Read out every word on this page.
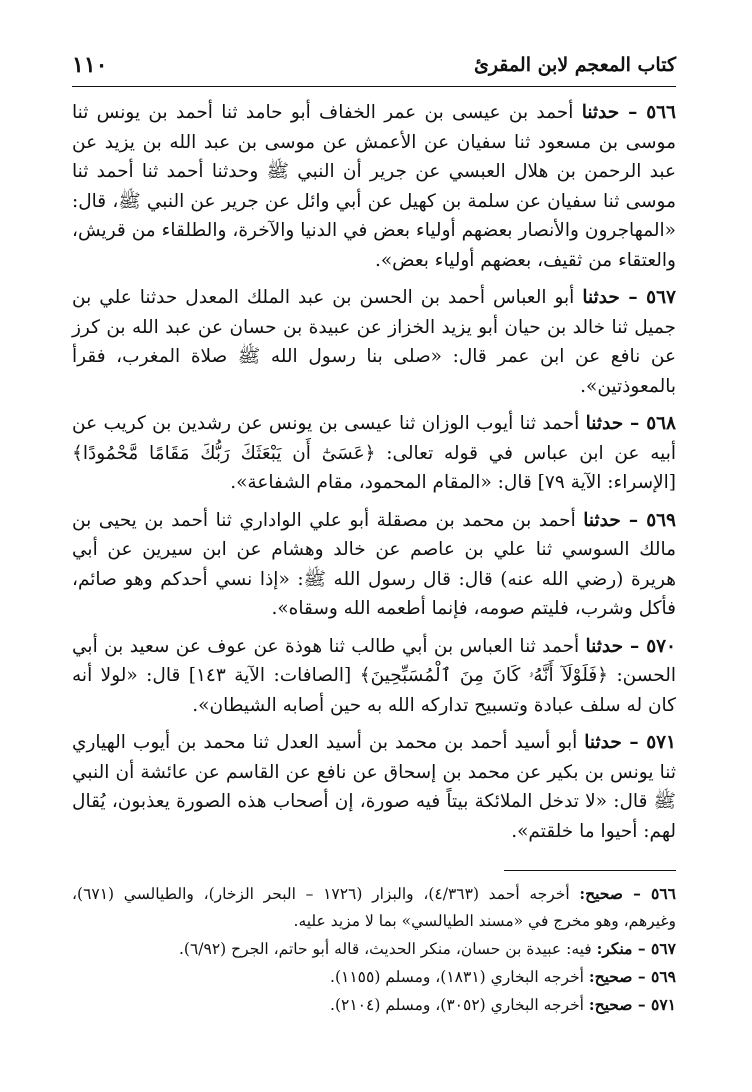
كتاب المعجم لابن المقرئ
١١٠

٥٦٦ – حدثنا أحمد بن عيسى بن عمر الخفاف أبو حامد ثنا أحمد بن يونس ثنا موسى بن مسعود ثنا سفيان عن الأعمش عن موسى بن عبد الله بن يزيد عن عبد الرحمن بن هلال العبسي عن جرير أن النبي ﷺ وحدثنا أحمد ثنا أحمد ثنا موسى ثنا سفيان عن سلمة بن كهيل عن أبي وائل عن جرير عن النبي ﷺ، قال: «المهاجرون والأنصار بعضهم أولياء بعض في الدنيا والآخرة، والطلقاء من قريش، والعتقاء من ثقيف، بعضهم أولياء بعض».

٥٦٧ – حدثنا أبو العباس أحمد بن الحسن بن عبد الملك المعدل حدثنا علي بن جميل ثنا خالد بن حيان أبو يزيد الخزاز عن عبيدة بن حسان عن عبد الله بن كرز عن نافع عن ابن عمر قال: «صلى بنا رسول الله ﷺ صلاة المغرب، فقرأ بالمعوذتين».

٥٦٨ – حدثنا أحمد ثنا أيوب الوزان ثنا عيسى بن يونس عن رشدين بن كريب عن أبيه عن ابن عباس في قوله تعالى: ﴿عَسَىٰٓ أَن يَبْعَثَكَ رَبُّكَ مَقَامًا مَّحْمُودًا﴾ [الإسراء: الآية ٧٩] قال: «المقام المحمود، مقام الشفاعة».

٥٦٩ – حدثنا أحمد بن محمد بن مصقلة أبو علي الواداري ثنا أحمد بن يحيى بن مالك السوسي ثنا علي بن عاصم عن خالد وهشام عن ابن سيرين عن أبي هريرة (رضي الله عنه) قال: قال رسول الله ﷺ: «إذا نسي أحدكم وهو صائم، فأكل وشرب، فليتم صومه، فإنما أطعمه الله وسقاه».

٥٧٠ – حدثنا أحمد ثنا العباس بن أبي طالب ثنا هوذة عن عوف عن سعيد بن أبي الحسن: ﴿فَلَوْلَآ أَنَّهُۥ كَانَ مِنَ ٱلْمُسَبِّحِينَ﴾ [الصافات: الآية ١٤٣] قال: «لولا أنه كان له سلف عبادة وتسبيح تداركه الله به حين أصابه الشيطان».

٥٧١ – حدثنا أبو أسيد أحمد بن محمد بن أسيد العدل ثنا محمد بن أيوب الهياري ثنا يونس بن بكير عن محمد بن إسحاق عن نافع عن القاسم عن عائشة أن النبي ﷺ قال: «لا تدخل الملائكة بيتاً فيه صورة، إن أصحاب هذه الصورة يعذبون، يُقال لهم: أحيوا ما خلقتم».

٥٦٦ – صحيح: أخرجه أحمد (٤/٣٦٣)، والبزار (١٧٢٦ – البحر الزخار)، والطيالسي (٦٧١)، وغيرهم، وهو مخرج في «مسند الطيالسي» بما لا مزيد عليه.

٥٦٧ – منكر: فيه: عبيدة بن حسان، منكر الحديث، قاله أبو حاتم، الجرح (٦/٩٢).

٥٦٩ – صحيح: أخرجه البخاري (١٨٣١)، ومسلم (١١٥٥).

٥٧١ – صحيح: أخرجه البخاري (٣٠٥٢)، ومسلم (٢١٠٤).
